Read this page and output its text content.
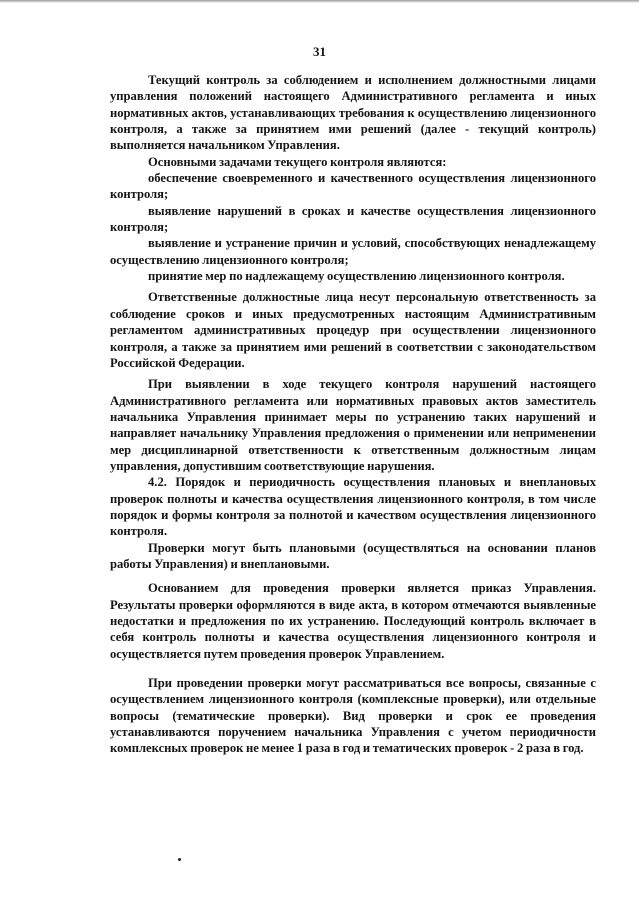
31

Текущий контроль за соблюдением и исполнением должностными лицами управления положений настоящего Административного регламента и иных нормативных актов, устанавливающих требования к осуществлению лицензионного контроля, а также за принятием ими решений (далее - текущий контроль) выполняется начальником Управления.

Основными задачами текущего контроля являются:

обеспечение своевременного и качественного осуществления лицензионного контроля;

выявление нарушений в сроках и качестве осуществления лицензионного контроля;

выявление и устранение причин и условий, способствующих ненадлежащему осуществлению лицензионного контроля;

принятие мер по надлежащему осуществлению лицензионного контроля.

Ответственные должностные лица несут персональную ответственность за соблюдение сроков и иных предусмотренных настоящим Административным регламентом административных процедур при осуществлении лицензионного контроля, а также за принятием ими решений в соответствии с законодательством Российской Федерации.

При выявлении в ходе текущего контроля нарушений настоящего Административного регламента или нормативных правовых актов заместитель начальника Управления принимает меры по устранению таких нарушений и направляет начальнику Управления предложения о применении или неприменении мер дисциплинарной ответственности к ответственным должностным лицам управления, допустившим соответствующие нарушения.

4.2. Порядок и периодичность осуществления плановых и внеплановых проверок полноты и качества осуществления лицензионного контроля, в том числе порядок и формы контроля за полнотой и качеством осуществления лицензионного контроля.

Проверки могут быть плановыми (осуществляться на основании планов работы Управления) и внеплановыми.

Основанием для проведения проверки является приказ Управления. Результаты проверки оформляются в виде акта, в котором отмечаются выявленные недостатки и предложения по их устранению. Последующий контроль включает в себя контроль полноты и качества осуществления лицензионного контроля и осуществляется путем проведения проверок Управлением.

При проведении проверки могут рассматриваться все вопросы, связанные с осуществлением лицензионного контроля (комплексные проверки), или отдельные вопросы (тематические проверки). Вид проверки и срок ее проведения устанавливаются поручением начальника Управления с учетом периодичности комплексных проверок не менее 1 раза в год и тематических проверок - 2 раза в год.
